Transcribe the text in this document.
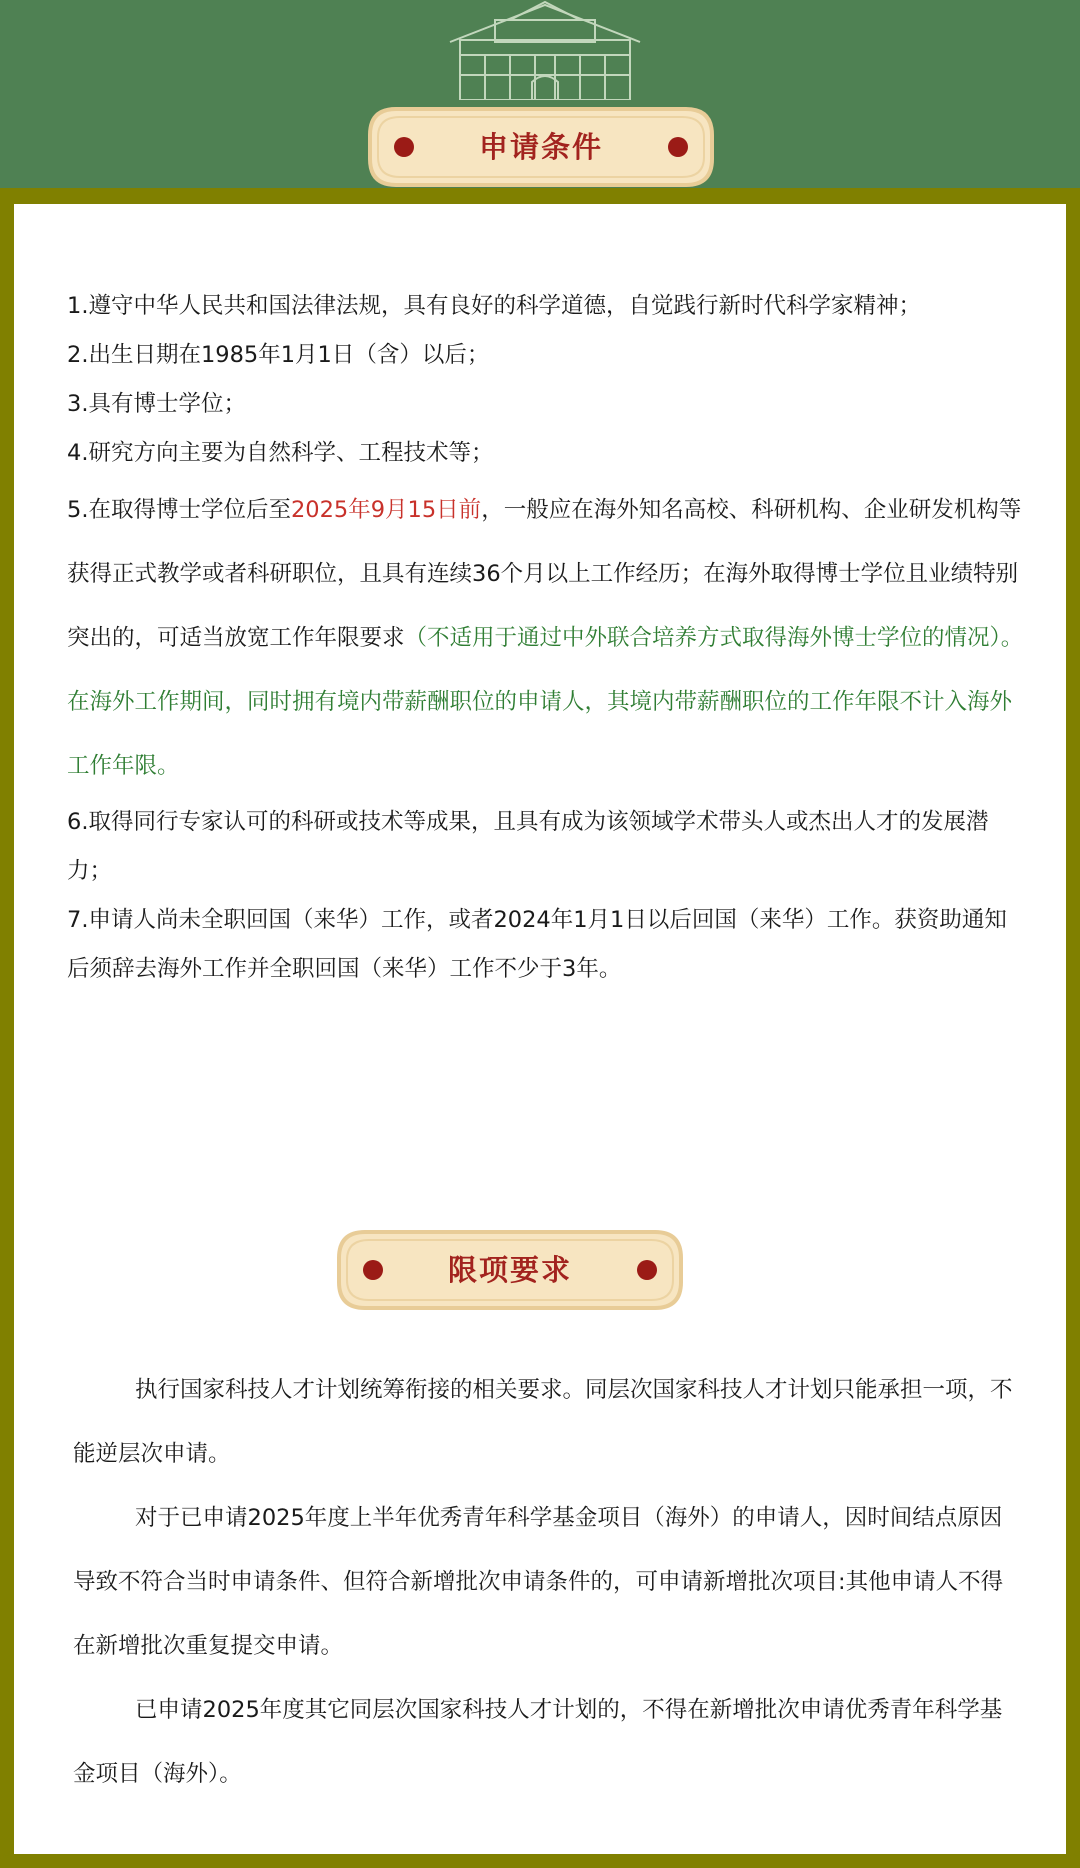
申请条件

1.遵守中华人民共和国法律法规，具有良好的科学道德，自觉践行新时代科学家精神；

2.出生日期在1985年1月1日（含）以后；

3.具有博士学位；

4.研究方向主要为自然科学、工程技术等；

5.在取得博士学位后至2025年9月15日前，一般应在海外知名高校、科研机构、企业研发机构等获得正式教学或者科研职位，且具有连续36个月以上工作经历；在海外取得博士学位且业绩特别突出的，可适当放宽工作年限要求（不适用于通过中外联合培养方式取得海外博士学位的情况）。在海外工作期间，同时拥有境内带薪酬职位的申请人，其境内带薪酬职位的工作年限不计入海外工作年限。

6.取得同行专家认可的科研或技术等成果，且具有成为该领域学术带头人或杰出人才的发展潜力；

7.申请人尚未全职回国（来华）工作，或者2024年1月1日以后回国（来华）工作。获资助通知后须辞去海外工作并全职回国（来华）工作不少于3年。

限项要求

执行国家科技人才计划统筹衔接的相关要求。同层次国家科技人才计划只能承担一项，不能逆层次申请。

对于已申请2025年度上半年优秀青年科学基金项目（海外）的申请人，因时间结点原因导致不符合当时申请条件、但符合新增批次申请条件的，可申请新增批次项目:其他申请人不得在新增批次重复提交申请。

已申请2025年度其它同层次国家科技人才计划的，不得在新增批次申请优秀青年科学基金项目（海外）。
